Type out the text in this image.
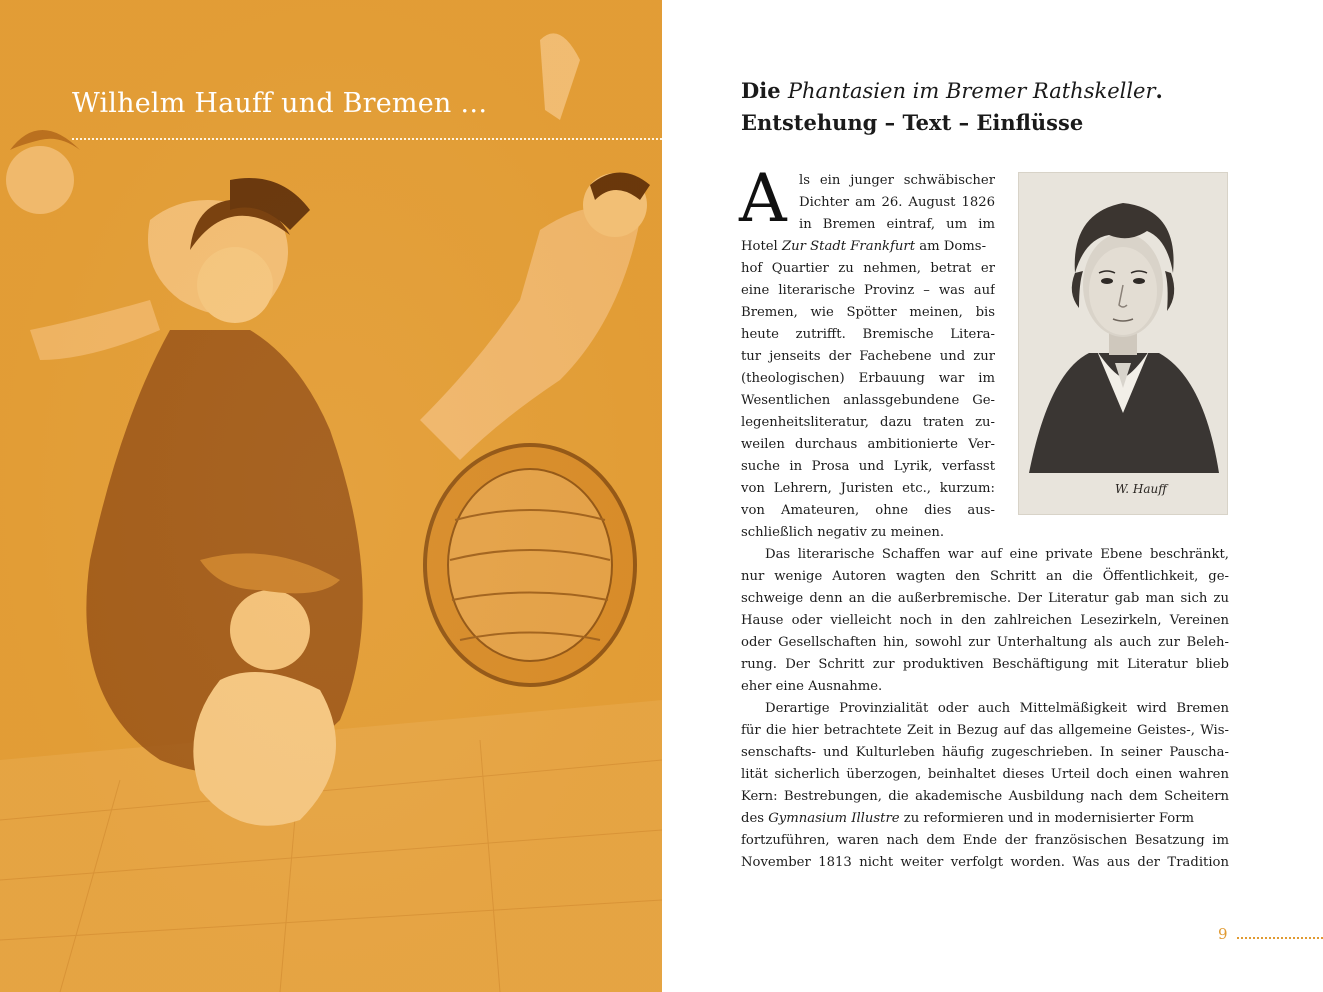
Wilhelm Hauff und Bremen …	Die Phantasien im Bremer Rathskeller.
Entstehung – Text – Einflüsse
W. Hauff
A ls ein junger schwäbischer
Dichter am 26. August 1826
in Bremen eintraf, um im
Hotel Zur Stadt Frankfurt am Doms-
hof Quartier zu nehmen, betrat er
eine literarische Provinz – was auf
Bremen, wie Spötter meinen, bis
heute zutrifft. Bremische Litera-
tur jenseits der Fachebene und zur
(theologischen) Erbauung war im
Wesentlichen anlassgebundene Ge-
legenheitsliteratur, dazu traten zu-
weilen durchaus ambitionierte Ver-
suche in Prosa und Lyrik, verfasst
von Lehrern, Juristen etc., kurzum:
von Amateuren, ohne dies aus-
schließlich negativ zu meinen.
Das literarische Schaffen war auf eine private Ebene beschränkt,
nur wenige Autoren wagten den Schritt an die Öffentlichkeit, ge-
schweige denn an die außerbremische. Der Literatur gab man sich zu
Hause oder vielleicht noch in den zahlreichen Lesezirkeln, Vereinen
oder Gesellschaften hin, sowohl zur Unterhaltung als auch zur Beleh-
rung. Der Schritt zur produktiven Beschäftigung mit Literatur blieb
eher eine Ausnahme.
Derartige Provinzialität oder auch Mittelmäßigkeit wird Bremen
für die hier betrachtete Zeit in Bezug auf das allgemeine Geistes-, Wis-
senschafts- und Kulturleben häufig zugeschrieben. In seiner Pauscha-
lität sicherlich überzogen, beinhaltet dieses Urteil doch einen wahren
Kern: Bestrebungen, die akademische Ausbildung nach dem Scheitern
des Gymnasium Illustre zu reformieren und in modernisierter Form
fortzuführen, waren nach dem Ende der französischen Besatzung im
November 1813 nicht weiter verfolgt worden. Was aus der Tradition
9
